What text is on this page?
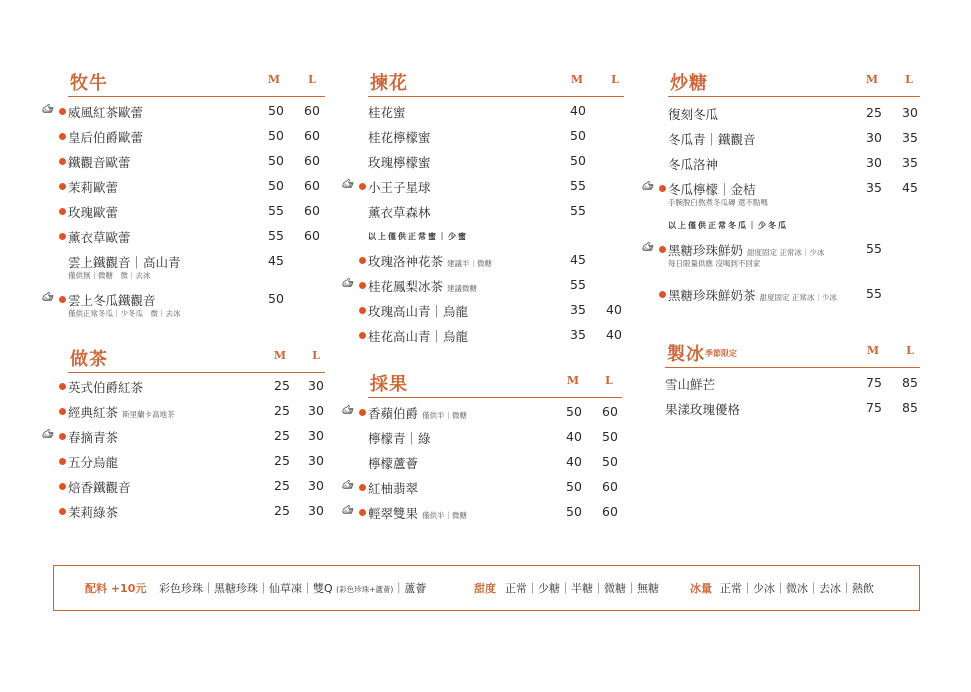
牧牛	M	L
威風紅茶歐蕾	50	60
皇后伯爵歐蕾	50	60
鐵觀音歐蕾	50	60
茉莉歐蕾	50	60
玫瑰歐蕾	55	60
薰衣草歐蕾	55	60
雲上鐵觀音｜高山青	45
僅供無｜微糖　微｜去冰
雲上冬瓜鐵觀音	50
僅供正常冬瓜｜少冬瓜　微｜去冰
做茶	M	L
英式伯爵紅茶	25	30
經典紅茶 斯里蘭卡高地茶	25	30
春摘青茶	25	30
五分烏龍	25	30
焙香鐵觀音	25	30
茉莉綠茶	25	30
揀花	M	L
桂花蜜	40
桂花檸檬蜜	50
玫瑰檸檬蜜	50
小王子星球	55
薰衣草森林	55
以上僅供正常蜜｜少蜜
玫瑰洛神花茶 建議半｜微糖	45
桂花鳳梨冰茶 建議微糖	55
玫瑰高山青｜烏龍	35	40
桂花高山青｜烏龍	35	40
採果	M	L
香蘋伯爵 僅供半｜微糖	50	60
檸檬青｜綠	40	50
檸檬蘆薈	40	50
紅柚翡翠	50	60
輕翠雙果 僅供半｜微糖	50	60
炒糖	M	L
復刻冬瓜	25	30
冬瓜青｜鐵觀音	30	35
冬瓜洛神	30	35
冬瓜檸檬｜金桔	35	45
手腕脫臼熬煮冬瓜磚 還不點嗎
以上僅供正常冬瓜｜少冬瓜
黑糖珍珠鮮奶 甜度固定 正常冰｜少冰	55
每日限量供應 沒喝到不回家
黑糖珍珠鮮奶茶 甜度固定 正常冰｜少冰	55
製冰 季節限定	M	L
雪山鮮芒	75	85
果漾玫瑰優格	75	85
配料 +10元 彩色珍珠｜黑糖珍珠｜仙草凍｜雙Q (彩色珍珠+蘆薈)｜蘆薈	甜度 正常｜少糖｜半糖｜微糖｜無糖	冰量 正常｜少冰｜微冰｜去冰｜熱飲
